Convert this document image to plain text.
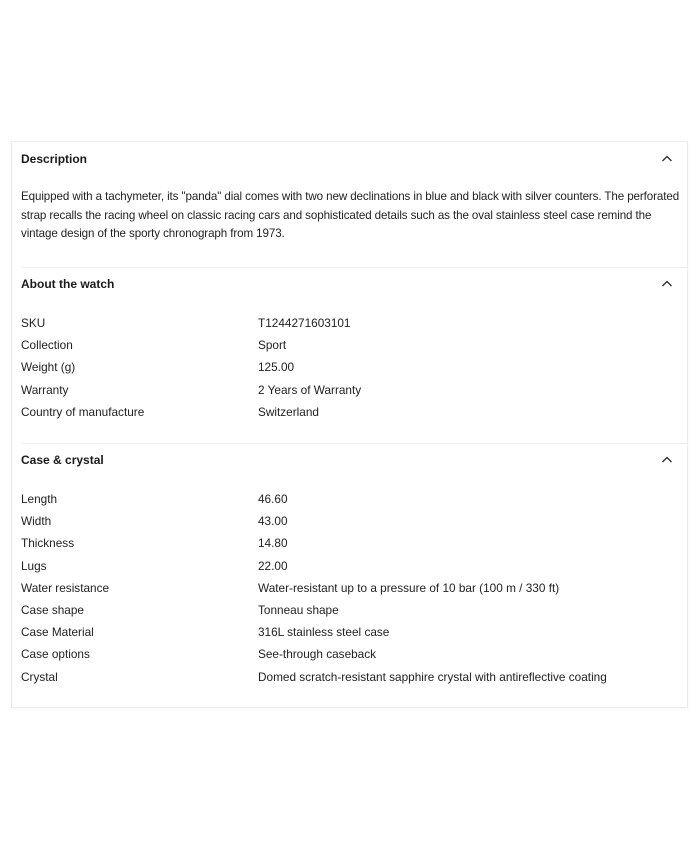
Description

Equipped with a tachymeter, its "panda" dial comes with two new declinations in blue and black with silver counters. The perforated strap recalls the racing wheel on classic racing cars and sophisticated details such as the oval stainless steel case remind the vintage design of the sporty chronograph from 1973.

About the watch
SKU	T1244271603101
Collection	Sport
Weight (g)	125.00
Warranty	2 Years of Warranty
Country of manufacture	Switzerland
Case & crystal
Length	46.60
Width	43.00
Thickness	14.80
Lugs	22.00
Water resistance	Water-resistant up to a pressure of 10 bar (100 m / 330 ft)
Case shape	Tonneau shape
Case Material	316L stainless steel case
Case options	See-through caseback
Crystal	Domed scratch-resistant sapphire crystal with antireflective coating
